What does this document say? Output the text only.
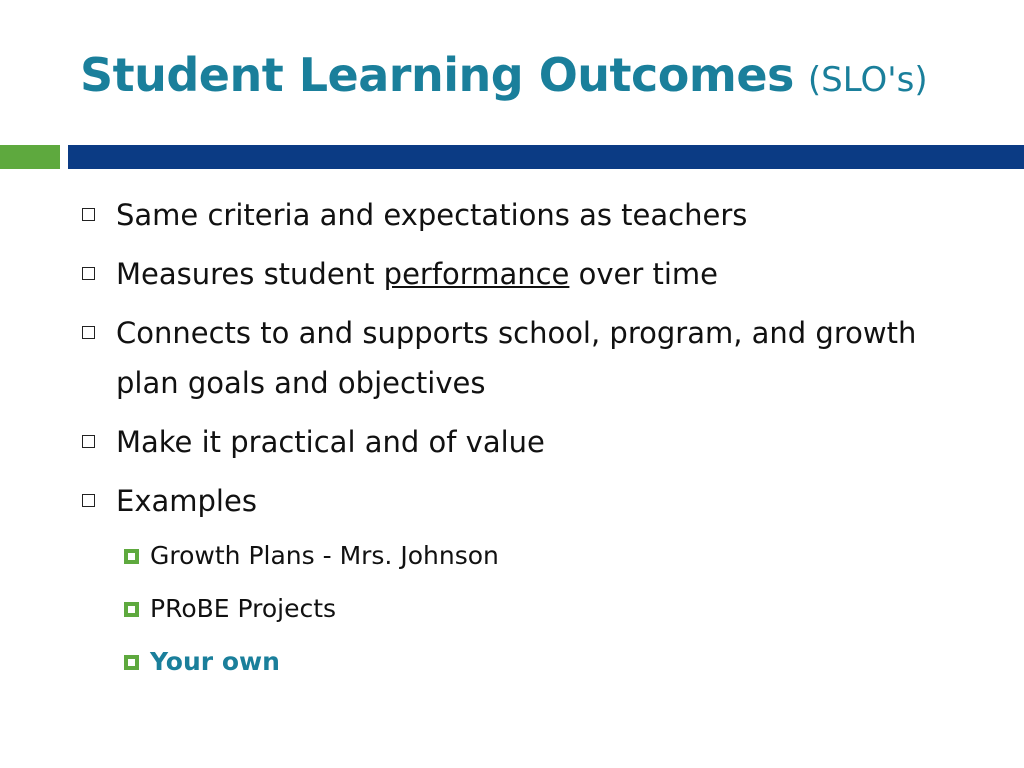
Student Learning Outcomes (SLO's)
Same criteria and expectations as teachers
Measures student performance over time
Connects to and supports school, program, and growth plan goals and objectives
Make it practical and of value
Examples
Growth Plans - Mrs. Johnson
PRoBE Projects
Your own
